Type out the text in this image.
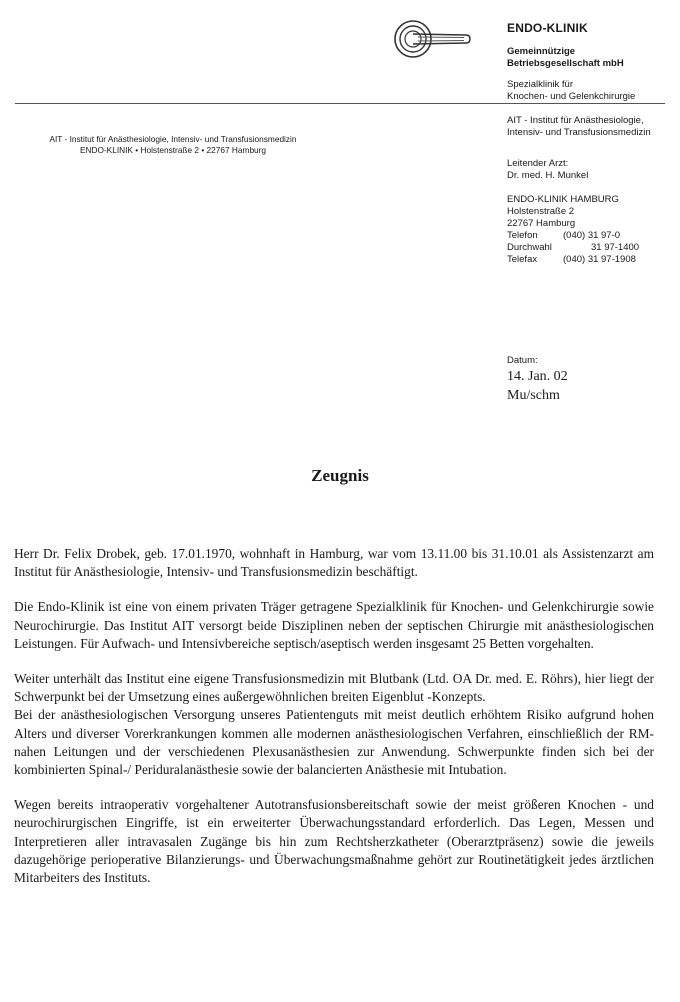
ENDO-KLINIK
Gemeinnützige
Betriebsgesellschaft mbH
Spezialklinik für
Knochen- und Gelenkchirurgie
AIT - Institut für Anästhesiologie,
Intensiv- und Transfusionsmedizin
Leitender Arzt:
Dr. med. H. Munkel
ENDO-KLINIK HAMBURG
Holstenstraße 2
22767 Hamburg
Telefon	(040) 31 97-0
Durchwahl	31 97-1400
Telefax	(040) 31 97-1908
AIT - Institut für Anästhesiologie, Intensiv- und Transfusionsmedizin
ENDO-KLINIK • Holstenstraße 2 • 22767 Hamburg
Datum:
14. Jan. 02
Mu/schm
Zeugnis

Herr Dr. Felix Drobek, geb. 17.01.1970, wohnhaft in Hamburg, war vom 13.11.00 bis 31.10.01 als Assistenzarzt am Institut für Anästhesiologie, Intensiv- und Transfusionsmedizin beschäftigt.

Die Endo-Klinik ist eine von einem privaten Träger getragene Spezialklinik für Knochen- und Gelenkchirurgie sowie Neurochirurgie. Das Institut AIT versorgt beide Disziplinen neben der septischen Chirurgie mit anästhesiologischen Leistungen. Für Aufwach- und Intensivbereiche septisch/aseptisch werden insgesamt 25 Betten vorgehalten.

Weiter unterhält das Institut eine eigene Transfusionsmedizin mit Blutbank (Ltd. OA Dr. med. E. Röhrs), hier liegt der Schwerpunkt bei der Umsetzung eines außergewöhnlichen breiten Eigenblut -Konzepts.

Bei der anästhesiologischen Versorgung unseres Patientenguts mit meist deutlich erhöhtem Risiko aufgrund hohen Alters und diverser Vorerkrankungen kommen alle modernen anästhesiologischen Verfahren, einschließlich der RM-nahen Leitungen und der verschiedenen Plexusanästhesien zur Anwendung. Schwerpunkte finden sich bei der kombinierten Spinal-/ Periduralanästhesie sowie der balancierten Anästhesie mit Intubation.

Wegen bereits intraoperativ vorgehaltener Autotransfusionsbereitschaft sowie der meist größeren Knochen - und neurochirurgischen Eingriffe, ist ein erweiterter Überwachungsstandard erforderlich. Das Legen, Messen und Interpretieren aller intravasalen Zugänge bis hin zum Rechtsherzkatheter (Oberarztpräsenz) sowie die jeweils dazugehörige perioperative Bilanzierungs- und Überwachungsmaßnahme gehört zur Routinetätigkeit jedes ärztlichen Mitarbeiters des Instituts.
